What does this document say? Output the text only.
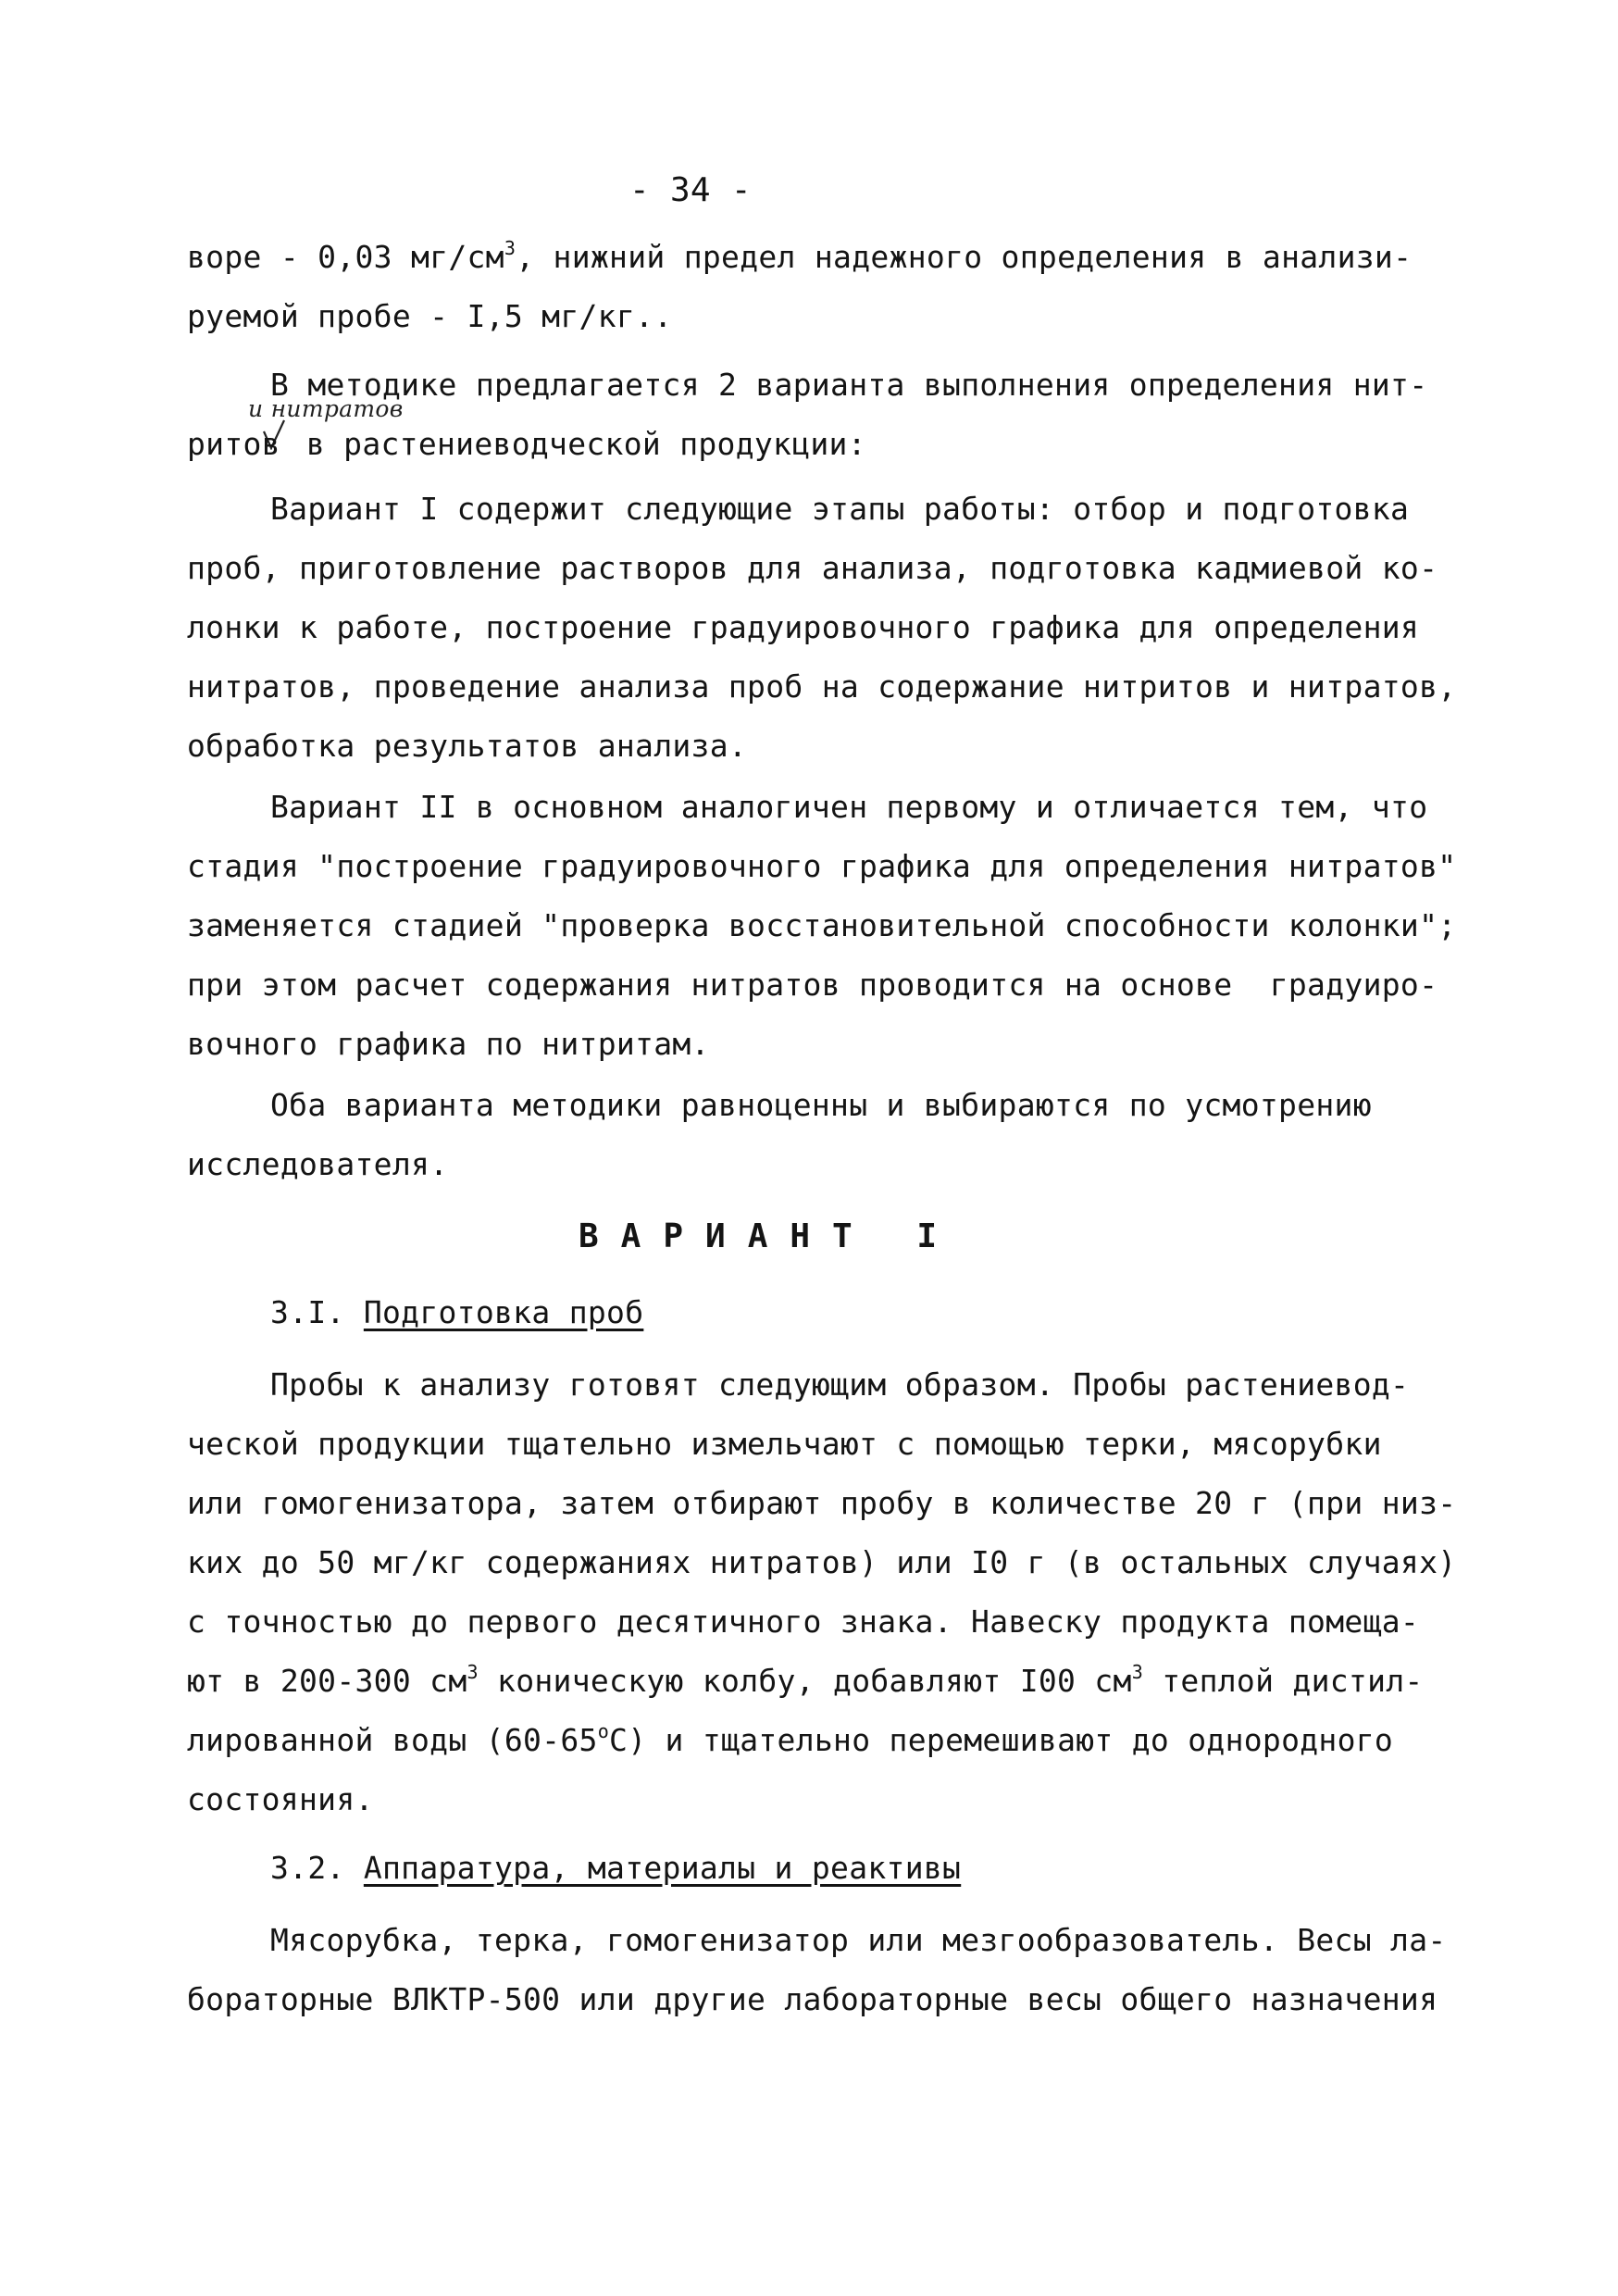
- 34 -
воре - 0,03 $мг/см^3$, нижний предел надежного определения в анализи-
руемой пробе - I,5 мг/кг..
В методике предлагается 2 варианта выполнения определения нит-
и нитратов
ритов в растениеводческой продукции:
Вариант I содержит следующие этапы работы: отбор и подготовка
проб, приготовление растворов для анализа, подготовка кадмиевой ко-
лонки к работе, построение градуировочного графика для определения
нитратов, проведение анализа проб на содержание нитритов и нитратов,
обработка результатов анализа.
Вариант II в основном аналогичен первому и отличается тем, что
стадия "построение градуировочного графика для определения нитратов"
заменяется стадией "проверка восстановительной способности колонки";
при этом расчет содержания нитратов проводится на основе  градуиро-
вочного графика по нитритам.
Оба варианта методики равноценны и выбираются по усмотрению
исследователя.
ВАРИАНТ I
3.I. Подготовка проб
Пробы к анализу готовят следующим образом. Пробы растениевод-
ческой продукции тщательно измельчают с помощью терки, мясорубки
или гомогенизатора, затем отбирают пробу в количестве 20 г (при низ-
ких до 50 мг/кг содержаниях нитратов) или I0 г (в остальных случаях)
с точностью до первого десятичного знака. Навеску продукта помеща-
ют в 200-300 $см^3$ коническую колбу, добавляют I00 $см^3$ теплой дистил-
лированной воды $(60-65^оС)$ и тщательно перемешивают до однородного
состояния.
3.2. Аппаратура, материалы и реактивы
Мясорубка, терка, гомогенизатор или мезгообразователь. Весы ла-
бораторные ВЛКТР-500 или другие лабораторные весы общего назначения
